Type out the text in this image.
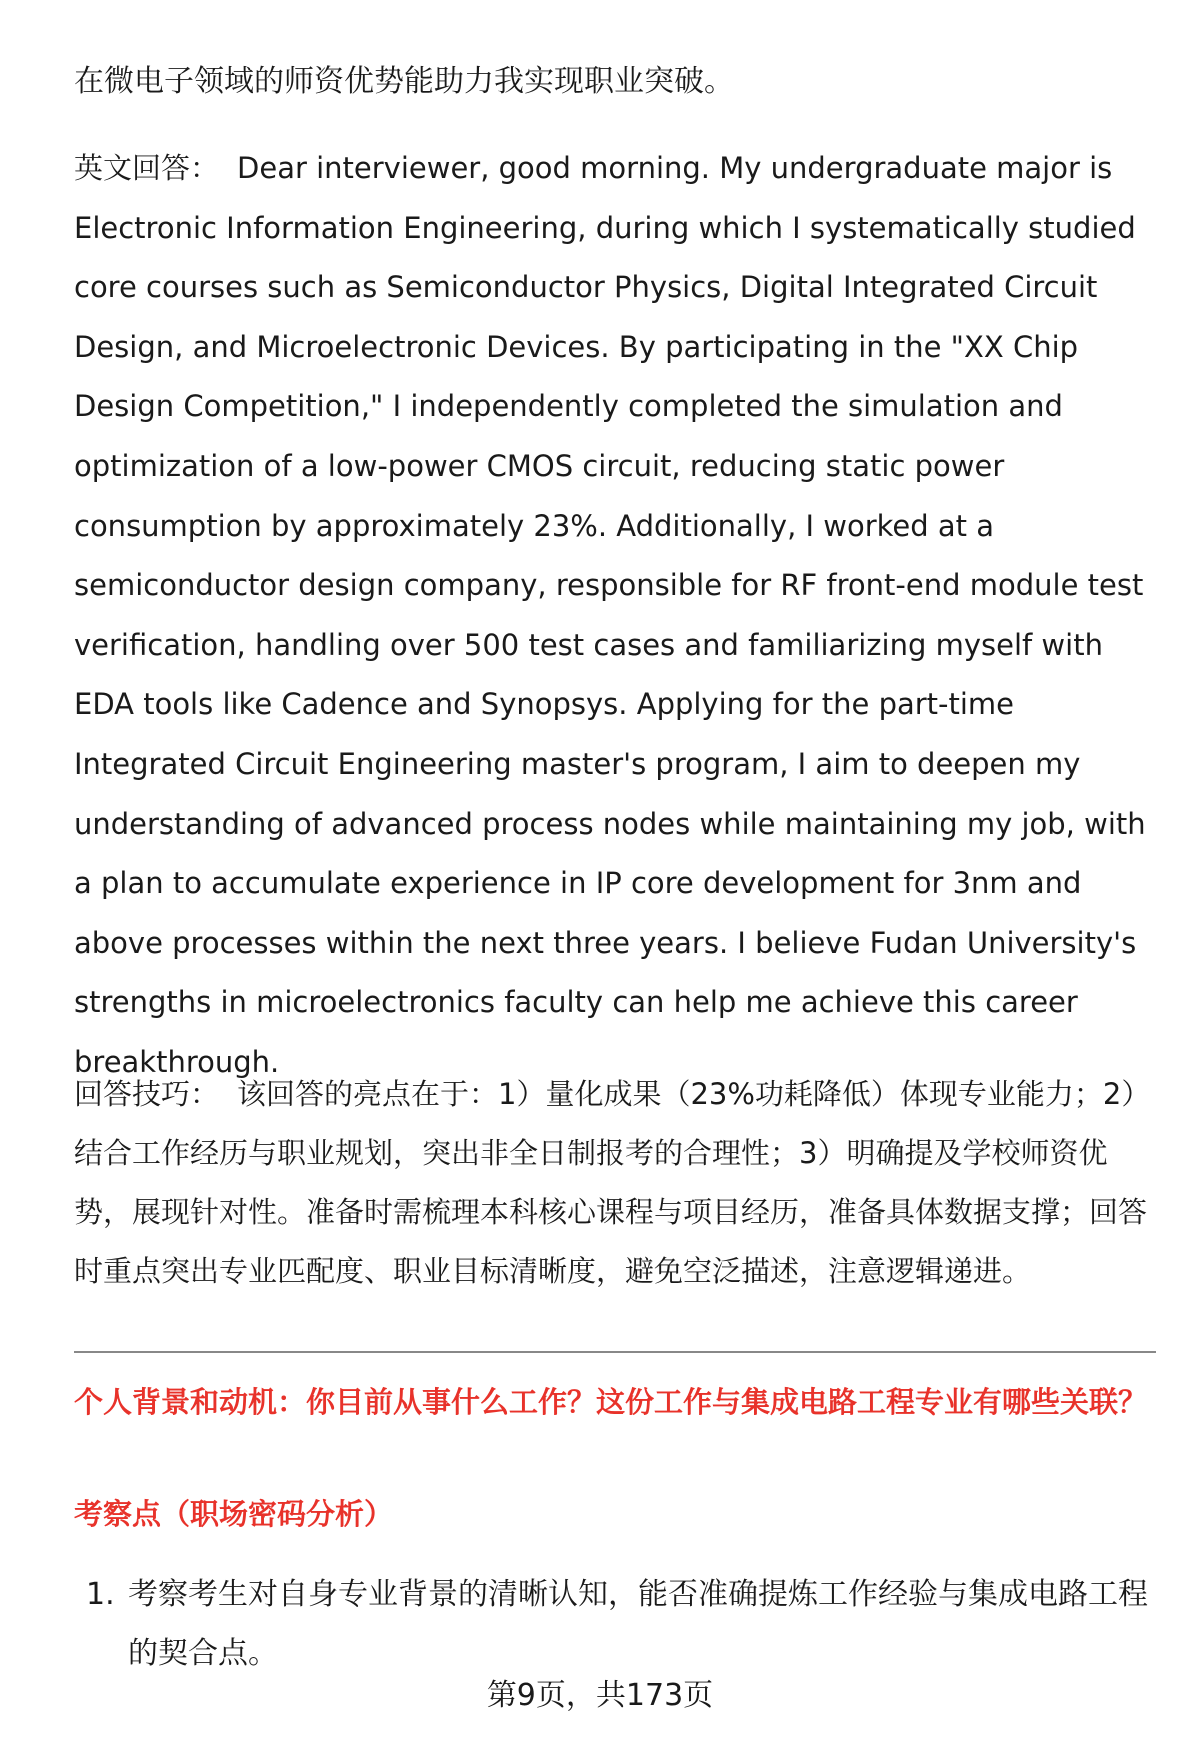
在微电子领域的师资优势能助力我实现职业突破。

英文回答： Dear interviewer, good morning. My undergraduate major is Electronic Information Engineering, during which I systematically studied core courses such as Semiconductor Physics, Digital Integrated Circuit Design, and Microelectronic Devices. By participating in the "XX Chip Design Competition," I independently completed the simulation and optimization of a low-power CMOS circuit, reducing static power consumption by approximately 23%. Additionally, I worked at a semiconductor design company, responsible for RF front-end module test verification, handling over 500 test cases and familiarizing myself with EDA tools like Cadence and Synopsys. Applying for the part-time Integrated Circuit Engineering master's program, I aim to deepen my understanding of advanced process nodes while maintaining my job, with a plan to accumulate experience in IP core development for 3nm and above processes within the next three years. I believe Fudan University's strengths in microelectronics faculty can help me achieve this career breakthrough.

回答技巧： 该回答的亮点在于：1）量化成果（23%功耗降低）体现专业能力；2）结合工作经历与职业规划，突出非全日制报考的合理性；3）明确提及学校师资优势，展现针对性。准备时需梳理本科核心课程与项目经历，准备具体数据支撑；回答时重点突出专业匹配度、职业目标清晰度，避免空泛描述，注意逻辑递进。

个人背景和动机：你目前从事什么工作？这份工作与集成电路工程专业有哪些关联？
考察点（职场密码分析）
1. 考察考生对自身专业背景的清晰认知，能否准确提炼工作经验与集成电路工程的契合点。
第9页，共173页
